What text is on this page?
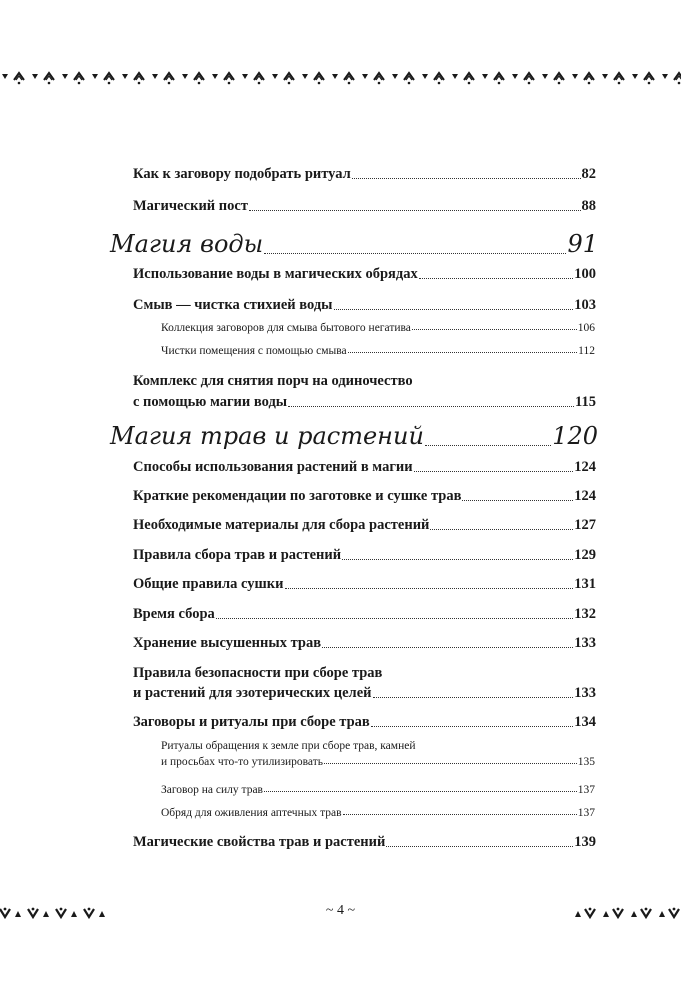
Как к заговору подобрать ритуал	82
Магический пост	88
Магия воды	91
Использование воды в магических обрядах	100
Смыв — чистка стихией воды	103
Коллекция заговоров для смыва бытового негатива	106
Чистки помещения с помощью смыва	112
Комплекс для снятия порч на одиночество
с помощью магии воды	115
Магия трав и растений	120
Способы использования растений в магии	124
Краткие рекомендации по заготовке и сушке трав	124
Необходимые материалы для сбора растений	127
Правила сбора трав и растений	129
Общие правила сушки	131
Время сбора	132
Хранение высушенных трав	133
Правила безопасности при сборе трав
и растений для эзотерических целей	133
Заговоры и ритуалы при сборе трав	134
Ритуалы обращения к земле при сборе трав, камней
и просьбах что-то утилизировать	135
Заговор на силу трав	137
Обряд для оживления аптечных трав	137
Магические свойства трав и растений	139
~ 4 ~
